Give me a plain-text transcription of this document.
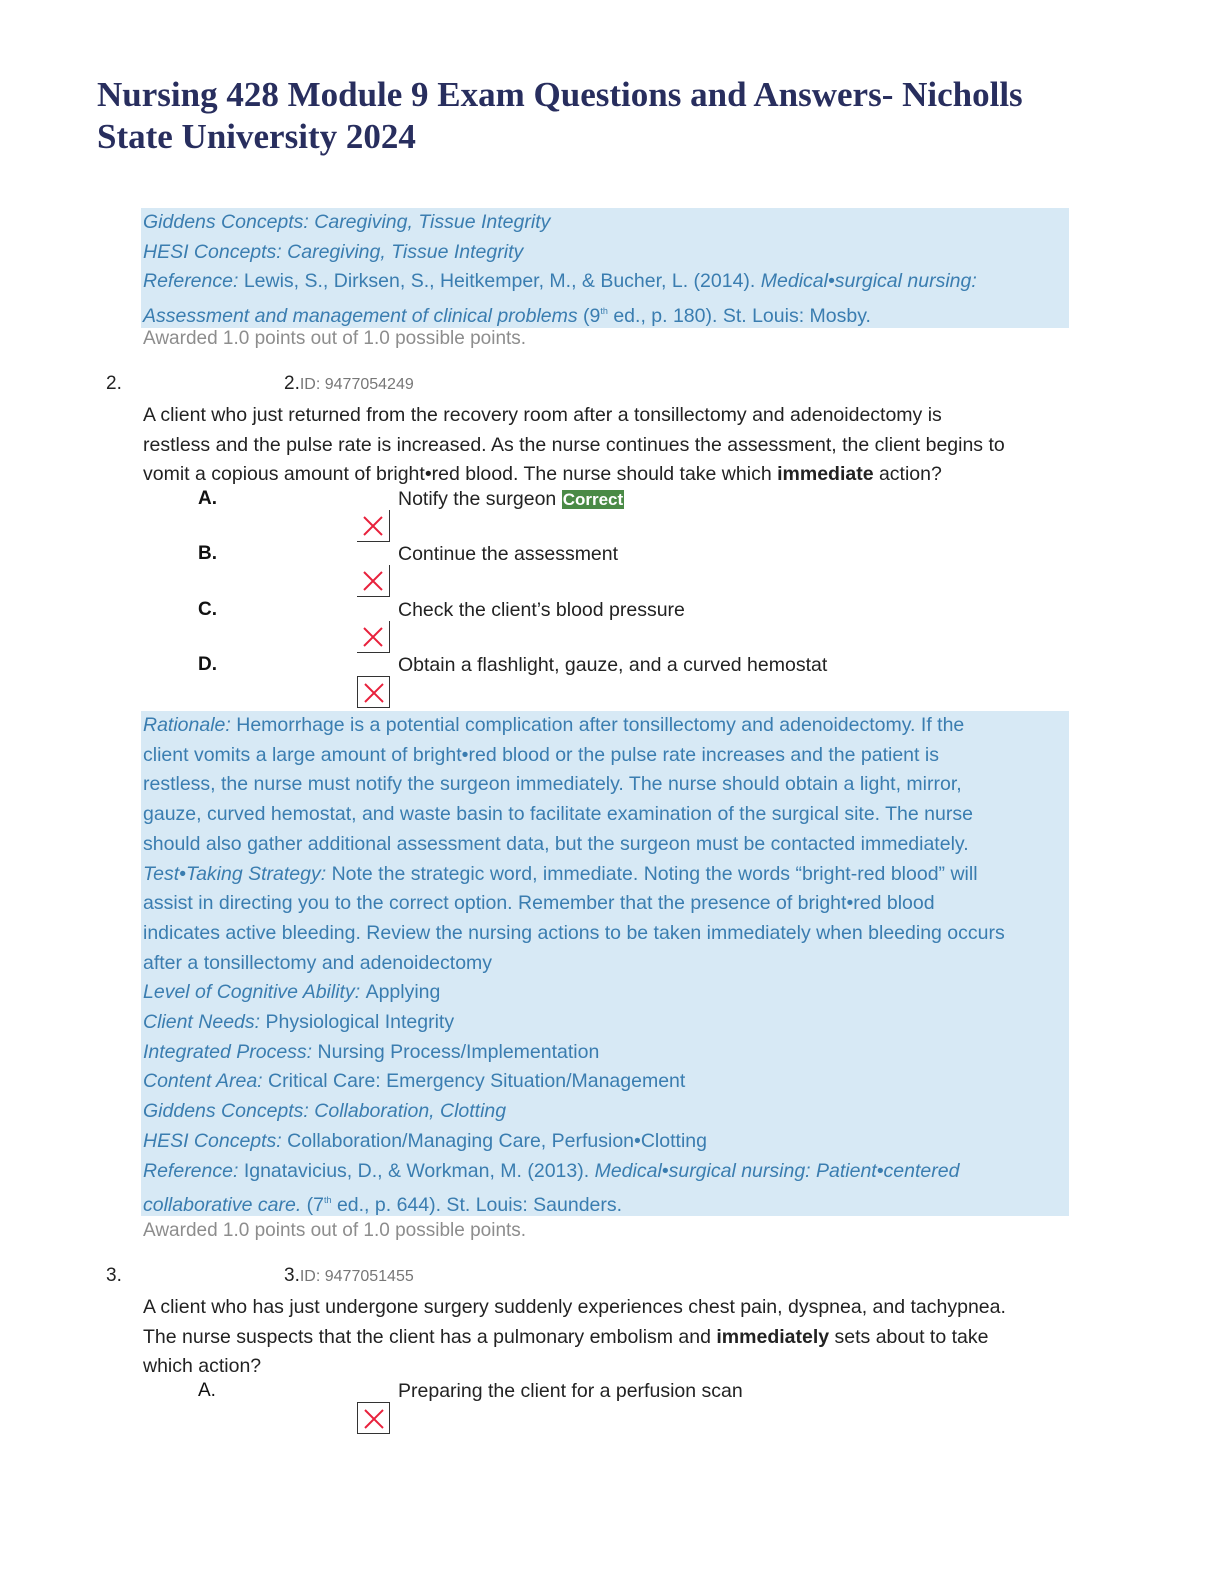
Nursing 428 Module 9 Exam Questions and Answers- Nicholls State University 2024
Giddens Concepts: Caregiving, Tissue Integrity
HESI Concepts: Caregiving, Tissue Integrity
Reference: Lewis, S., Dirksen, S., Heitkemper, M., & Bucher, L. (2014). Medical•surgical nursing:
Assessment and management of clinical problems (9th ed., p. 180). St. Louis: Mosby.
Awarded 1.0 points out of 1.0 possible points.
2.	2.ID: 9477054249
A client who just returned from the recovery room after a tonsillectomy and adenoidectomy is
restless and the pulse rate is increased. As the nurse continues the assessment, the client begins to
vomit a copious amount of bright•red blood. The nurse should take which immediate action?
A.	Notify the surgeon Correct
B.	Continue the assessment
C.	Check the client’s blood pressure
D.	Obtain a flashlight, gauze, and a curved hemostat
Rationale: Hemorrhage is a potential complication after tonsillectomy and adenoidectomy. If the
client vomits a large amount of bright•red blood or the pulse rate increases and the patient is
restless, the nurse must notify the surgeon immediately. The nurse should obtain a light, mirror,
gauze, curved hemostat, and waste basin to facilitate examination of the surgical site. The nurse
should also gather additional assessment data, but the surgeon must be contacted immediately.
Test•Taking Strategy: Note the strategic word, immediate. Noting the words “bright-red blood” will
assist in directing you to the correct option. Remember that the presence of bright•red blood
indicates active bleeding. Review the nursing actions to be taken immediately when bleeding occurs
after a tonsillectomy and adenoidectomy
Level of Cognitive Ability: Applying
Client Needs: Physiological Integrity
Integrated Process: Nursing Process/Implementation
Content Area: Critical Care: Emergency Situation/Management
Giddens Concepts: Collaboration, Clotting
HESI Concepts: Collaboration/Managing Care, Perfusion•Clotting
Reference: Ignatavicius, D., & Workman, M. (2013). Medical•surgical nursing: Patient•centered
collaborative care. (7th ed., p. 644). St. Louis: Saunders.
Awarded 1.0 points out of 1.0 possible points.
3.	3.ID: 9477051455
A client who has just undergone surgery suddenly experiences chest pain, dyspnea, and tachypnea.
The nurse suspects that the client has a pulmonary embolism and immediately sets about to take
which action?
A.	Preparing the client for a perfusion scan
